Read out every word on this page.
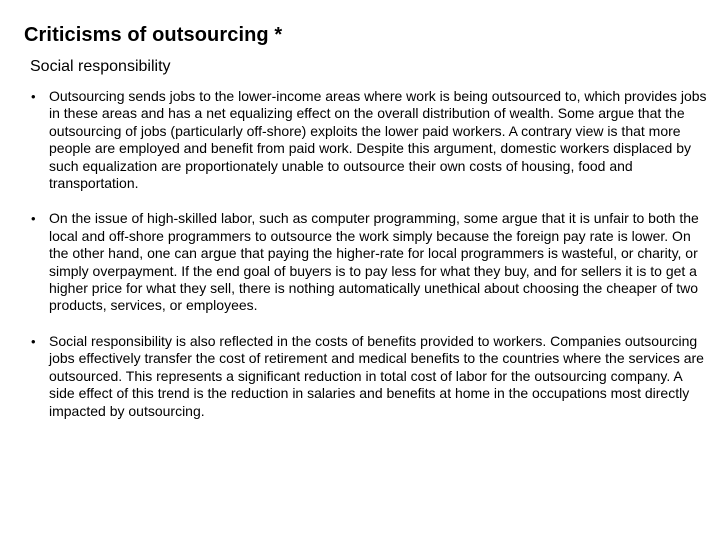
Criticisms of outsourcing *
Social responsibility
• Outsourcing sends jobs to the lower-income areas where work is being outsourced to, which provides jobs in these areas and has a net equalizing effect on the overall distribution of wealth. Some argue that the outsourcing of jobs (particularly off-shore) exploits the lower paid workers. A contrary view is that more people are employed and benefit from paid work. Despite this argument, domestic workers displaced by such equalization are proportionately unable to outsource their own costs of housing, food and transportation.
• On the issue of high-skilled labor, such as computer programming, some argue that it is unfair to both the local and off-shore programmers to outsource the work simply because the foreign pay rate is lower. On the other hand, one can argue that paying the higher-rate for local programmers is wasteful, or charity, or simply overpayment. If the end goal of buyers is to pay less for what they buy, and for sellers it is to get a higher price for what they sell, there is nothing automatically unethical about choosing the cheaper of two products, services, or employees.
• Social responsibility is also reflected in the costs of benefits provided to workers. Companies outsourcing jobs effectively transfer the cost of retirement and medical benefits to the countries where the services are outsourced. This represents a significant reduction in total cost of labor for the outsourcing company. A side effect of this trend is the reduction in salaries and benefits at home in the occupations most directly impacted by outsourcing.
